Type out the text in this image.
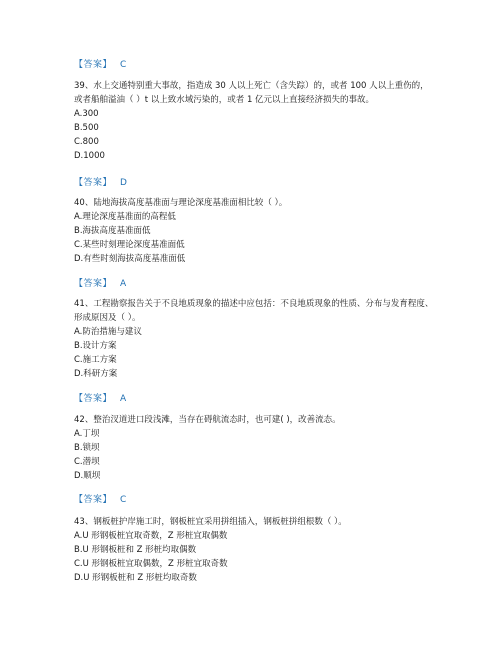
【答案】 C
39、水上交通特别重大事故，指造成 30 人以上死亡（含失踪）的，或者 100 人以上重伤的，或者船舶溢油（ ）t 以上致水域污染的，或者 1 亿元以上直接经济损失的事故。
A.300
B.500
C.800
D.1000
【答案】 D
40、陆地海拔高度基准面与理论深度基准面相比较（ ）。
A.理论深度基准面的高程低
B.海拔高度基准面低
C.某些时刻理论深度基准面低
D.有些时刻海拔高度基准面低
【答案】 A
41、工程勘察报告关于不良地质现象的描述中应包括：不良地质现象的性质、分布与发育程度、形成原因及（ ）。
A.防治措施与建议
B.设计方案
C.施工方案
D.科研方案
【答案】 A
42、整治汊道进口段浅滩，当存在碍航流态时，也可建( )，改善流态。
A.丁坝
B.锁坝
C.潜坝
D.顺坝
【答案】 C
43、钢板桩护岸施工时，钢板桩宜采用拼组插入，钢板桩拼组根数（ ）。
A.U 形钢板桩宜取奇数，Z 形桩宜取偶数
B.U 形钢板桩和 Z 形桩均取偶数
C.U 形钢板桩宜取偶数，Z 形桩宜取奇数
D.U 形钢板桩和 Z 形桩均取奇数
